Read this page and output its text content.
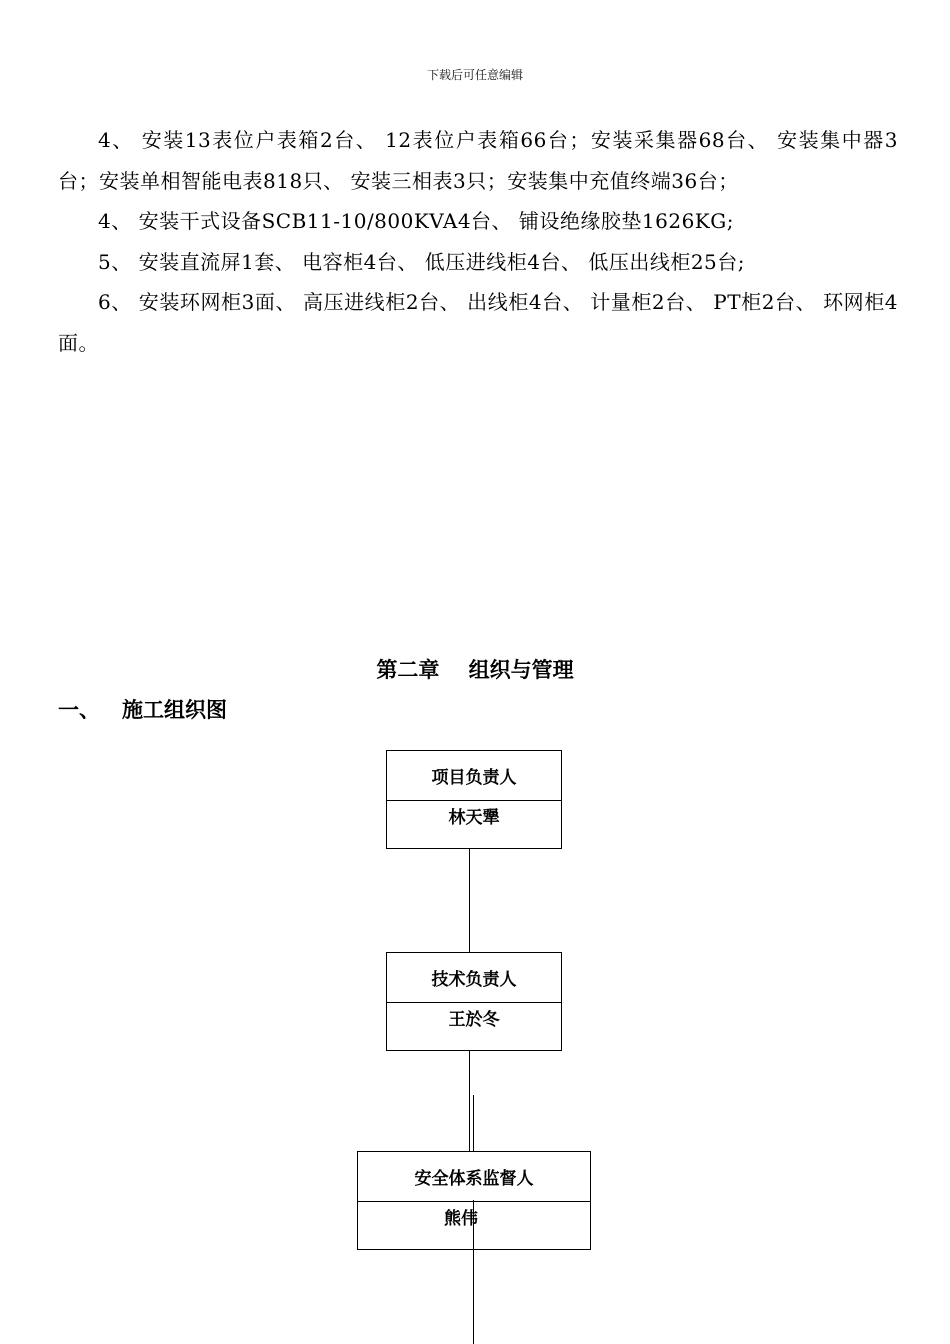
下载后可任意编辑

4、 安装13表位户表箱2台、 12表位户表箱66台；安装采集器68台、 安装集中器3台；安装单相智能电表818只、 安装三相表3只；安装集中充值终端36台；

4、 安装干式设备SCB11-10/800KVA4台、 铺设绝缘胶垫1626KG;

5、 安装直流屏1套、 电容柜4台、 低压进线柜4台、 低压出线柜25台;

6、 安装环网柜3面、 高压进线柜2台、 出线柜4台、 计量柜2台、 PT柜2台、 环网柜4面。

第二章    组织与管理
一、 施工组织图
项目负责人
林天犟
技术负责人
王於冬
安全体系监督人
熊伟
